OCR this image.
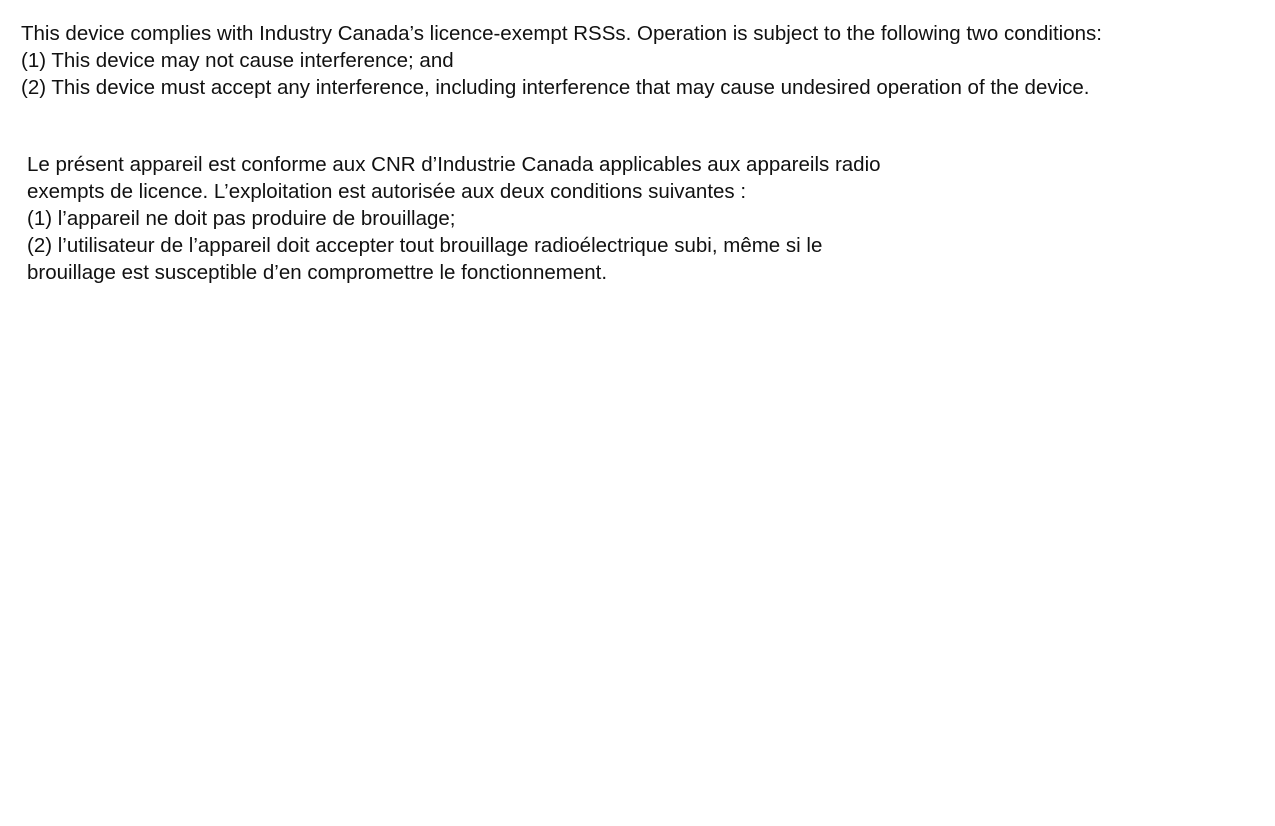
This device complies with Industry Canada’s licence-exempt RSSs. Operation is subject to the following two conditions:
(1) This device may not cause interference; and
(2) This device must accept any interference, including interference that may cause undesired operation of the device.
Le présent appareil est conforme aux CNR d’Industrie Canada applicables aux appareils radio
exempts de licence. L’exploitation est autorisée aux deux conditions suivantes :
(1) l’appareil ne doit pas produire de brouillage;
(2) l’utilisateur de l’appareil doit accepter tout brouillage radioélectrique subi, même si le
brouillage est susceptible d’en compromettre le fonctionnement.
